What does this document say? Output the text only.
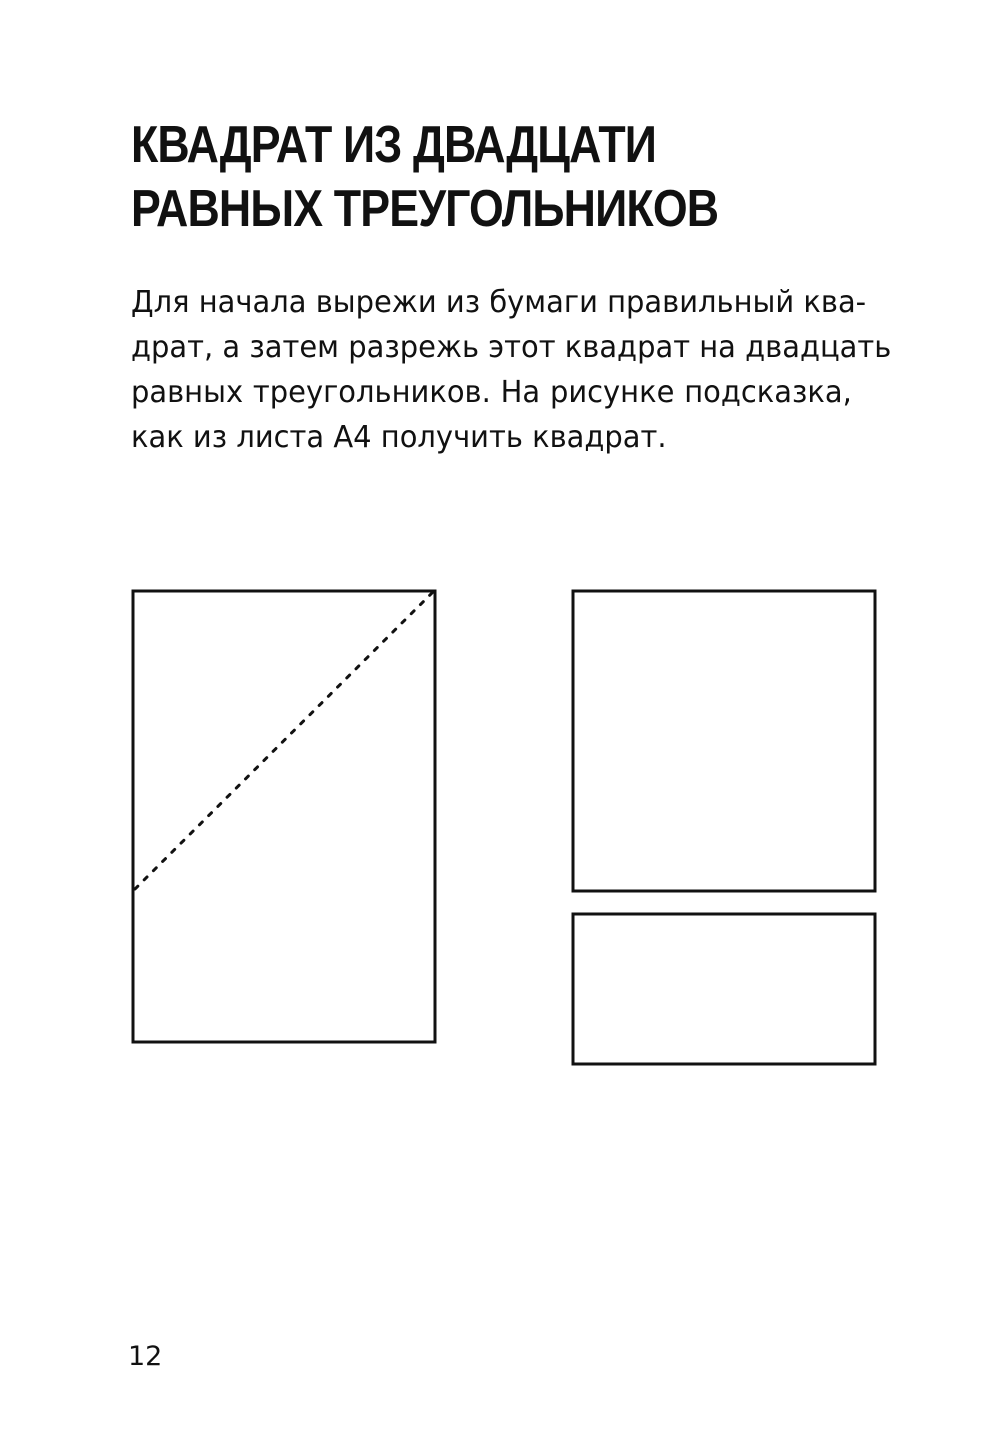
КВАДРАТ ИЗ ДВАДЦАТИ
РАВНЫХ ТРЕУГОЛЬНИКОВ

Для начала вырежи из бумаги правильный ква-
драт, а затем разрежь этот квадрат на двадцать
равных треугольников. На рисунке подсказка,
как из листа А4 получить квадрат.

12
